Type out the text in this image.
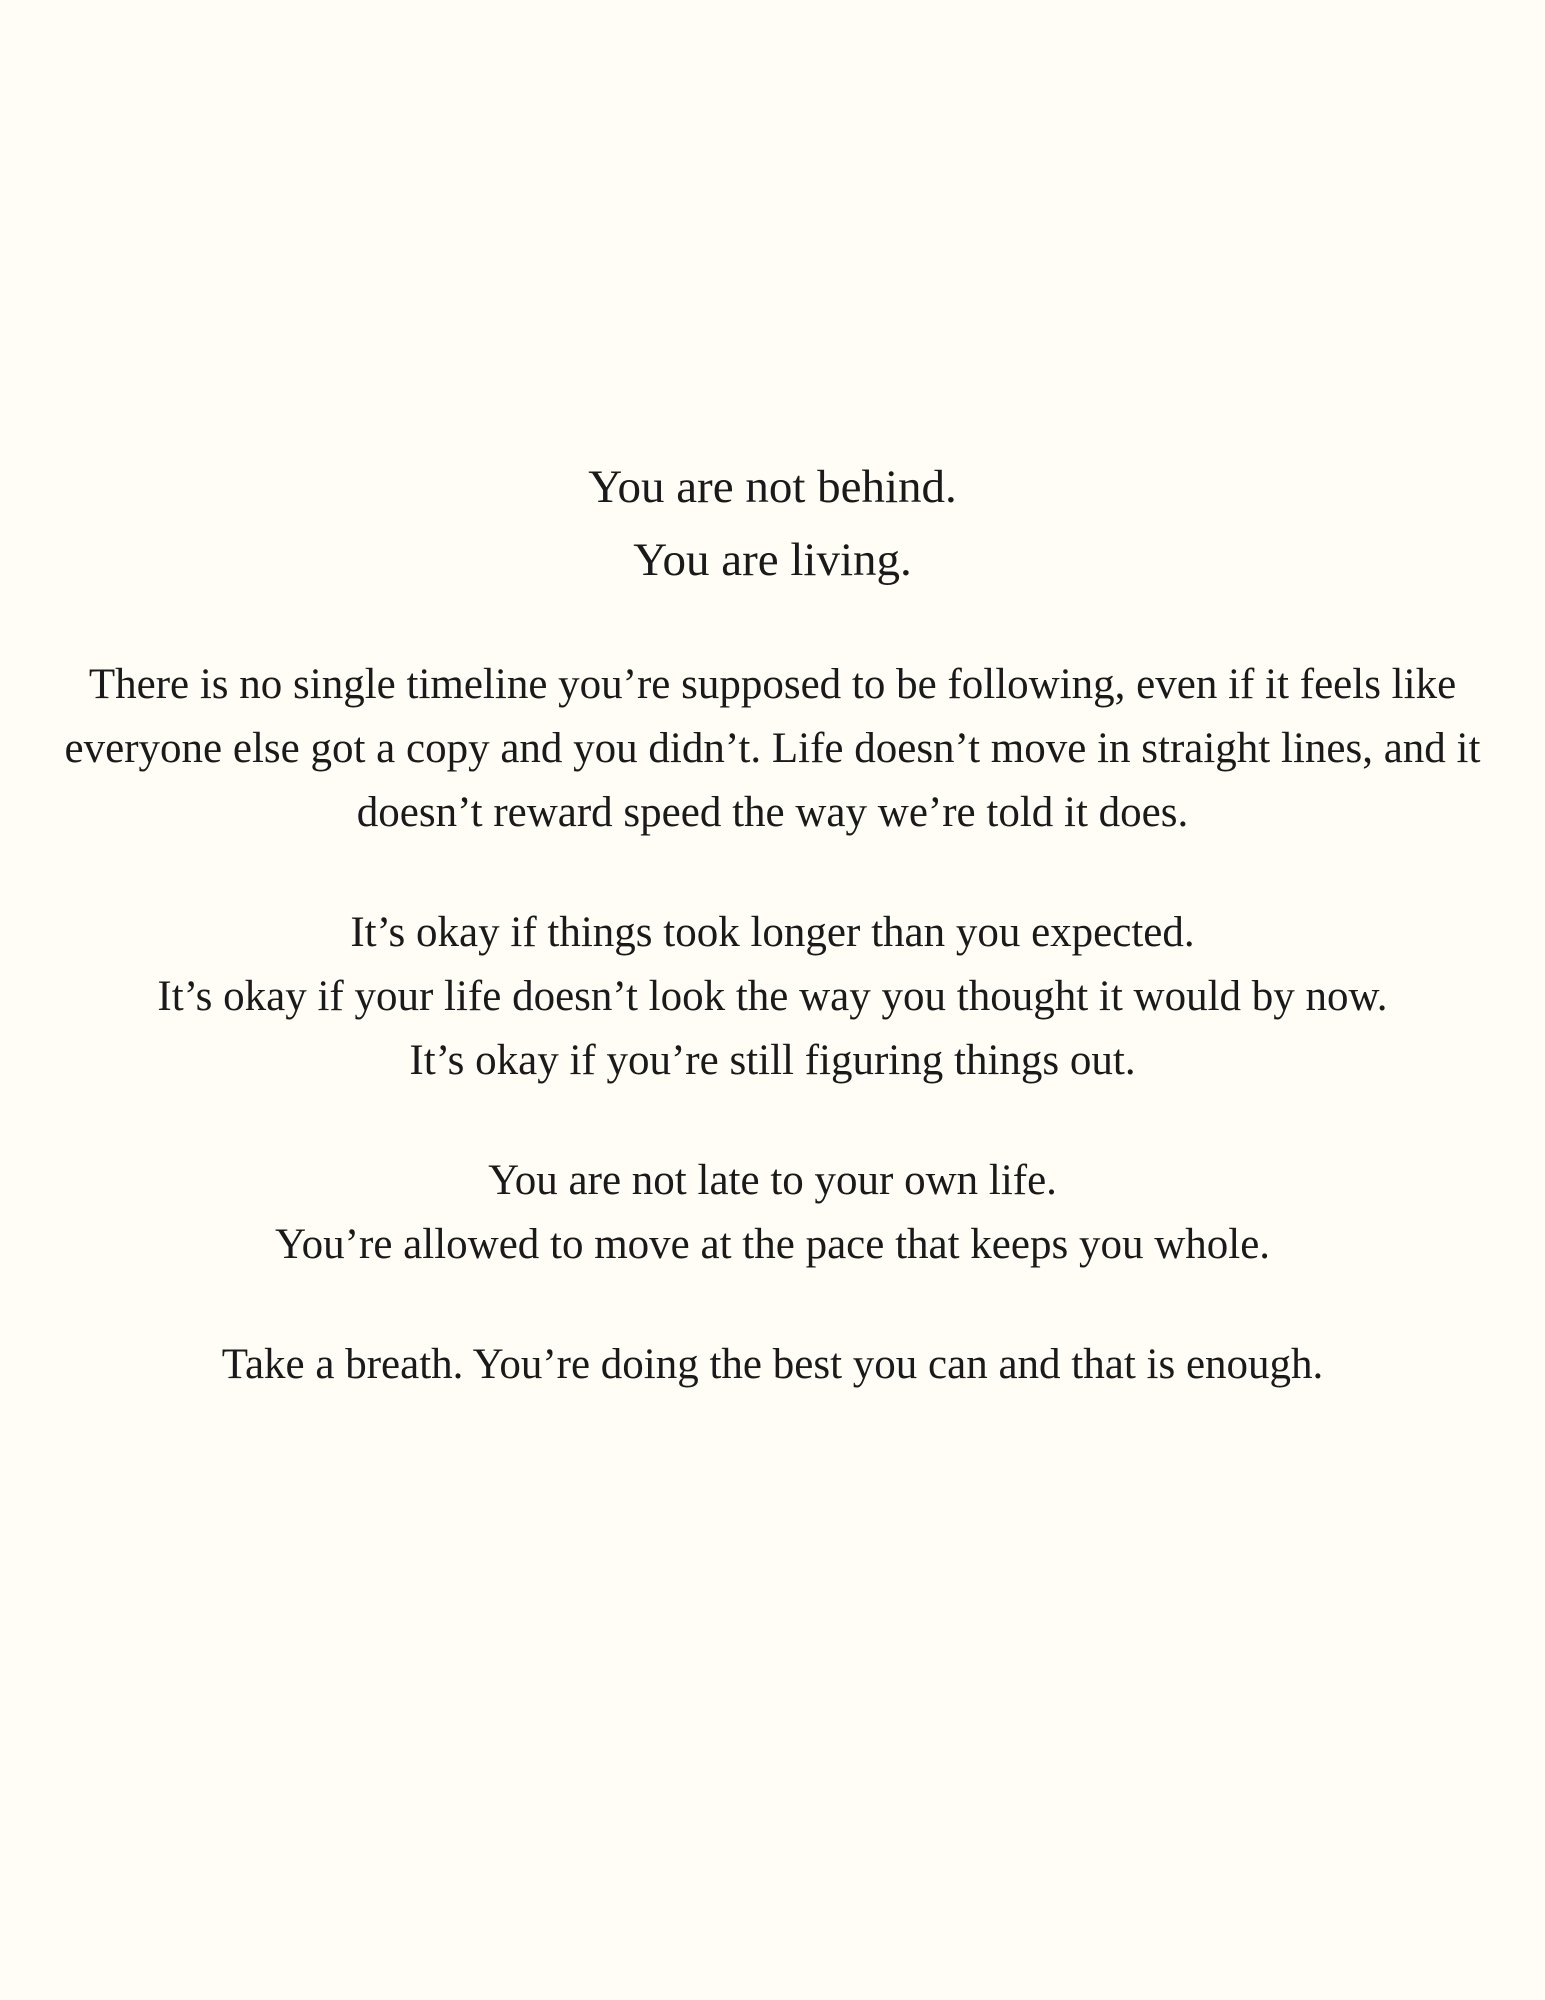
You are not behind.
You are living.
There is no single timeline you’re supposed to be following, even if it feels like
everyone else got a copy and you didn’t. Life doesn’t move in straight lines, and it
doesn’t reward speed the way we’re told it does.
It’s okay if things took longer than you expected.
It’s okay if your life doesn’t look the way you thought it would by now.
It’s okay if you’re still figuring things out.
You are not late to your own life.
You’re allowed to move at the pace that keeps you whole.
Take a breath. You’re doing the best you can and that is enough.
